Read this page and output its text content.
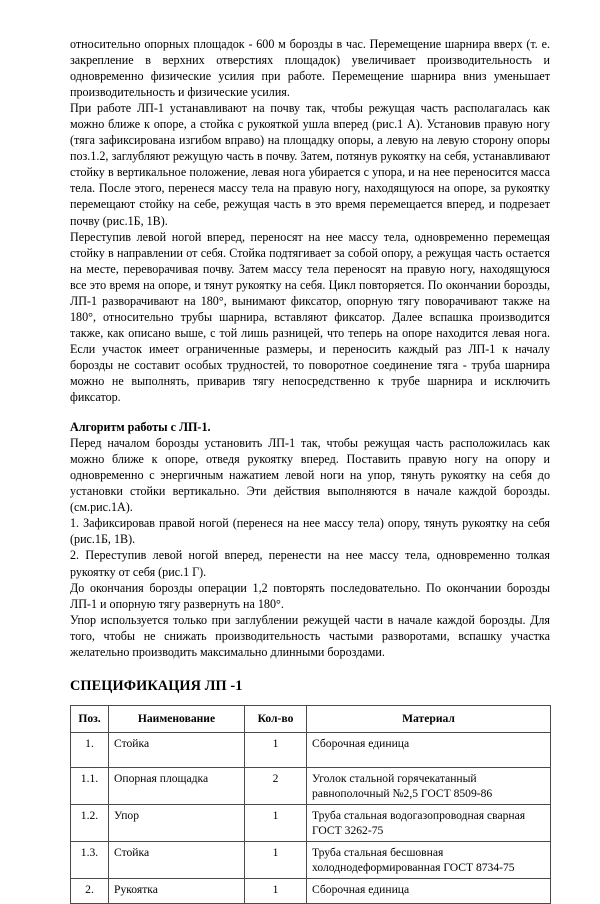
относительно опорных площадок - 600 м борозды в час. Перемещение шарнира вверх (т. е. закрепление в верхних отверстиях площадок) увеличивает производительность и одновременно физические усилия при работе. Перемещение шарнира вниз уменьшает производительность и физические усилия.

При работе ЛП-1 устанавливают на почву так, чтобы режущая часть располагалась как можно ближе к опоре, а стойка с рукояткой ушла вперед (рис.1 А). Установив правую ногу (тяга зафиксирована изгибом вправо) на площадку опоры, а левую на левую сторону опоры поз.1.2, заглубляют режущую часть в почву. Затем, потянув рукоятку на себя, устанавливают стойку в вертикальное положение, левая нога убирается с упора, и на нее переносится масса тела. После этого, перенеся массу тела на правую ногу, находящуюся на опоре, за рукоятку перемещают стойку на себе, режущая часть в это время перемещается вперед, и подрезает почву (рис.1Б, 1В).

Переступив левой ногой вперед, переносят на нее массу тела, одновременно перемещая стойку в направлении от себя. Стойка подтягивает за собой опору, а режущая часть остается на месте, переворачивая почву. Затем массу тела переносят на правую ногу, находящуюся все это время на опоре, и тянут рукоятку на себя. Цикл повторяется. По окончании борозды, ЛП-1 разворачивают на 180°, вынимают фиксатор, опорную тягу поворачивают также на 180°, относительно трубы шарнира, вставляют фиксатор. Далее вспашка производится также, как описано выше, с той лишь разницей, что теперь на опоре находится левая нога. Если участок имеет ограниченные размеры, и переносить каждый раз ЛП-1 к началу борозды не составит особых трудностей, то поворотное соединение тяга - труба шарнира можно не выполнять, приварив тягу непосредственно к трубе шарнира и исключить фиксатор.

Алгоритм работы с ЛП-1.

Перед началом борозды установить ЛП-1 так, чтобы режущая часть расположилась как можно ближе к опоре, отведя рукоятку вперед. Поставить правую ногу на опору и одновременно с энергичным нажатием левой ноги на упор, тянуть рукоятку на себя до установки стойки вертикально. Эти действия выполняются в начале каждой борозды. (см.рис.1А).

1. Зафиксировав правой ногой (перенеся на нее массу тела) опору, тянуть рукоятку на себя (рис.1Б, 1В).

2. Переступив левой ногой вперед, перенести на нее массу тела, одновременно толкая рукоятку от себя (рис.1 Г).

До окончания борозды операции 1,2 повторять последовательно. По окончании борозды ЛП-1 и опорную тягу развернуть на 180°.

Упор используется только при заглублении режущей части в начале каждой борозды. Для того, чтобы не снижать производительность частыми разворотами, вспашку участка желательно производить максимально длинными бороздами.

СПЕЦИФИКАЦИЯ ЛП -1
Поз.	Наименование	Кол-во	Материал
1.	Стойка	1	Сборочная единица
1.1.	Опорная площадка	2	Уголок стальной горячекатанный равнополочный №2,5 ГОСТ 8509-86
1.2.	Упор	1	Труба стальная водогазопроводная сварная ГОСТ 3262-75
1.3.	Стойка	1	Труба стальная бесшовная холоднодеформированная ГОСТ 8734-75
2.	Рукоятка	1	Сборочная единица
